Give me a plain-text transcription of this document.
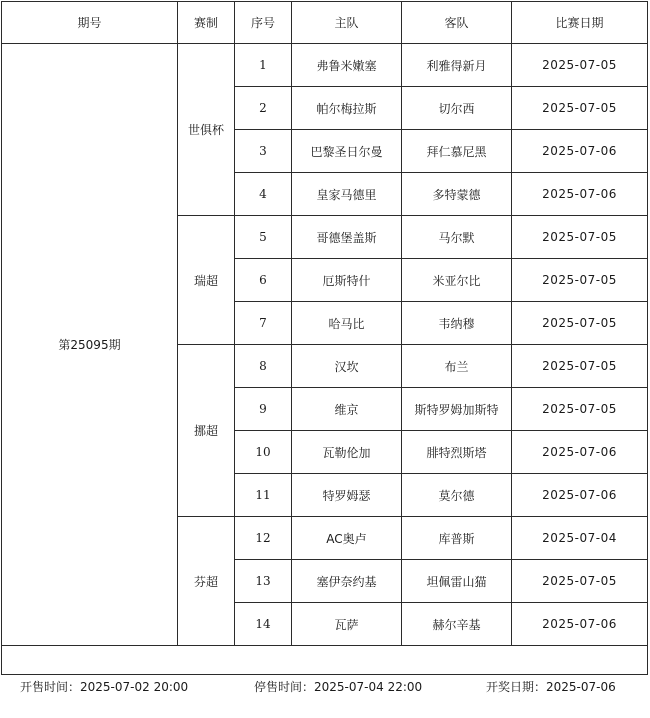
期号	赛制	序号	主队	客队	比赛日期
第25095期	世俱杯	1	弗鲁米嫩塞	利雅得新月	2025-07-05
		2	帕尔梅拉斯	切尔西	2025-07-05
		3	巴黎圣日尔曼	拜仁慕尼黑	2025-07-06
		4	皇家马德里	多特蒙德	2025-07-06
	瑞超	5	哥德堡盖斯	马尔默	2025-07-05
		6	厄斯特什	米亚尔比	2025-07-05
		7	哈马比	韦纳穆	2025-07-05
	挪超	8	汉坎	布兰	2025-07-05
		9	维京	斯特罗姆加斯特	2025-07-05
		10	瓦勒伦加	腓特烈斯塔	2025-07-06
		11	特罗姆瑟	莫尔德	2025-07-06
	芬超	12	AC奥卢	库普斯	2025-07-04
		13	塞伊奈约基	坦佩雷山猫	2025-07-05
		14	瓦萨	赫尔辛基	2025-07-06

开售时间：2025-07-02 20:00	停售时间：2025-07-04 22:00	开奖日期：2025-07-06
